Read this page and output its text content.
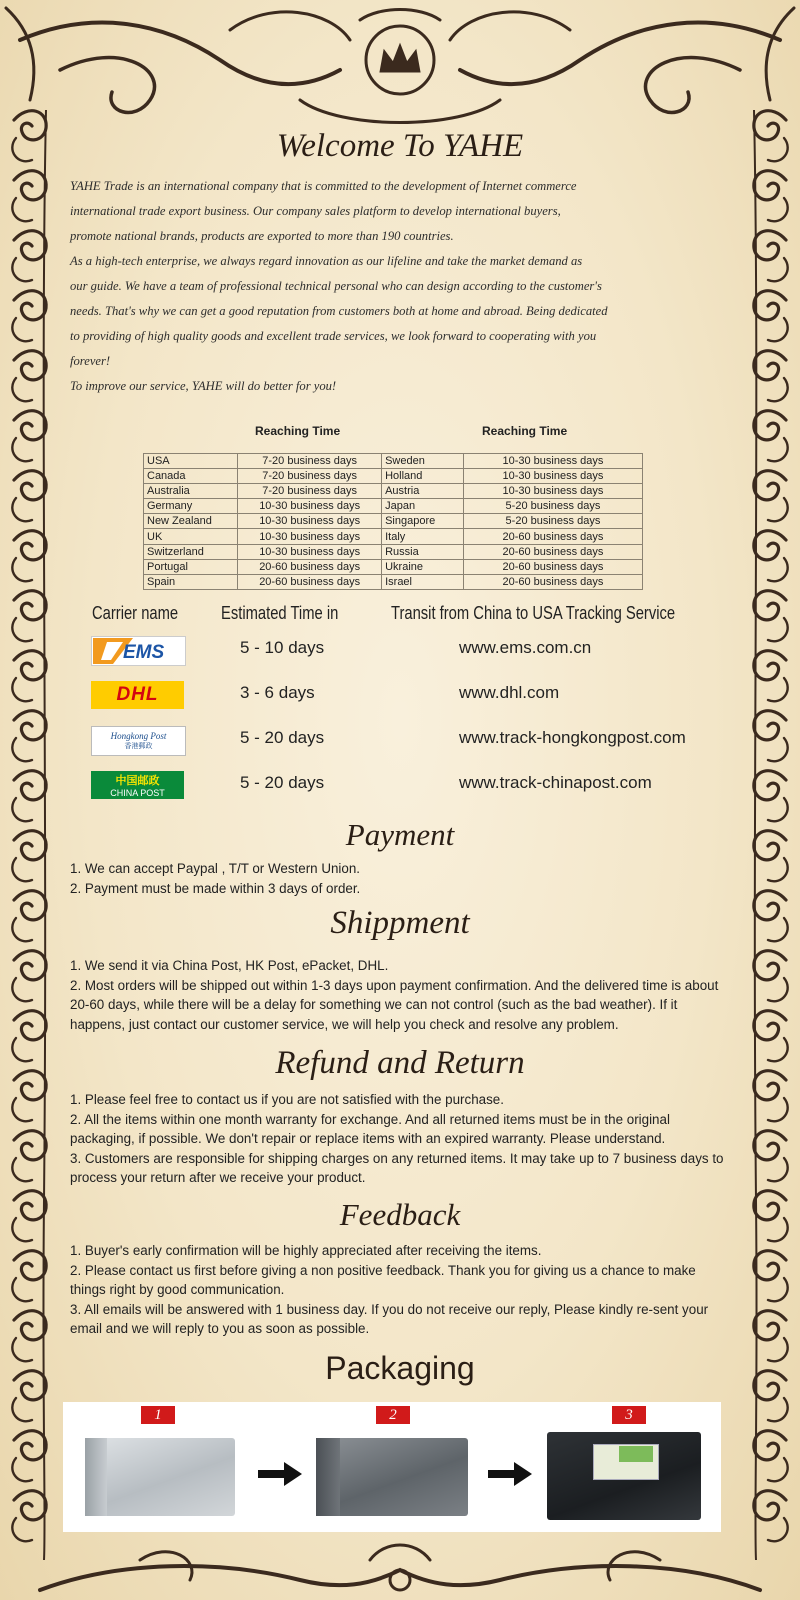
Welcome To YAHE
YAHE Trade is an international company that is committed to the development of Internet commerce
international trade export business. Our company sales platform to develop international buyers,
promote national brands, products are exported to more than 190 countries.
As a high-tech enterprise, we always regard innovation as our lifeline and take the market demand as
our guide. We have a team of professional technical personal who can design according to the customer's
needs. That's why we can get a good reputation from customers both at home and abroad. Being dedicated
to providing of high quality goods and excellent trade services, we look forward to cooperating with you
forever!
To improve our service, YAHE will do better for you!
Reaching Time	Reaching Time
USA	7-20 business days	Sweden	10-30 business days
Canada	7-20 business days	Holland	10-30 business days
Australia	7-20 business days	Austria	10-30 business days
Germany	10-30 business days	Japan	5-20 business days
New Zealand	10-30 business days	Singapore	5-20 business days
UK	10-30 business days	Italy	20-60 business days
Switzerland	10-30 business days	Russia	20-60 business days
Portugal	20-60 business days	Ukraine	20-60 business days
Spain	20-60 business days	Israel	20-60 business days
Carrier name Estimated Time in	Transit from China to USA Tracking Service
EMS	5 - 10 days	www.ems.com.cn
DHL	3 - 6 days	www.dhl.com
Hongkong Post
香港郵政	5 - 20 days	www.track-hongkongpost.com
中国邮政
CHINA POST
5 - 20 days	www.track-chinapost.com
Payment
1. We can accept Paypal , T/T or Western Union.
2. Payment must be made within 3 days of order.
Shippment
1. We send it via China Post, HK Post, ePacket, DHL.
2. Most orders will be shipped out within 1-3 days upon payment confirmation. And the delivered time is about 20-60 days, while there will be a delay for something we can not control (such as the bad weather). If it happens, just contact our customer service, we will help you check and resolve any problem.
Refund and Return
1. Please feel free to contact us if you are not satisfied with the purchase.
2. All the items within one month warranty for exchange. And all returned items must be in the original packaging, if possible. We don't repair or replace items with an expired warranty. Please understand.
3. Customers are responsible for shipping charges on any returned items. It may take up to 7 business days to process your return after we receive your product.
Feedback
1. Buyer's early confirmation will be highly appreciated after receiving the items.
2. Please contact us first before giving a non positive feedback. Thank you for giving us a chance to make things right by good communication.
3. All emails will be answered with 1 business day. If you do not receive our reply, Please kindly re-sent your email and we will reply to you as soon as possible.
Packaging
1	2	3
